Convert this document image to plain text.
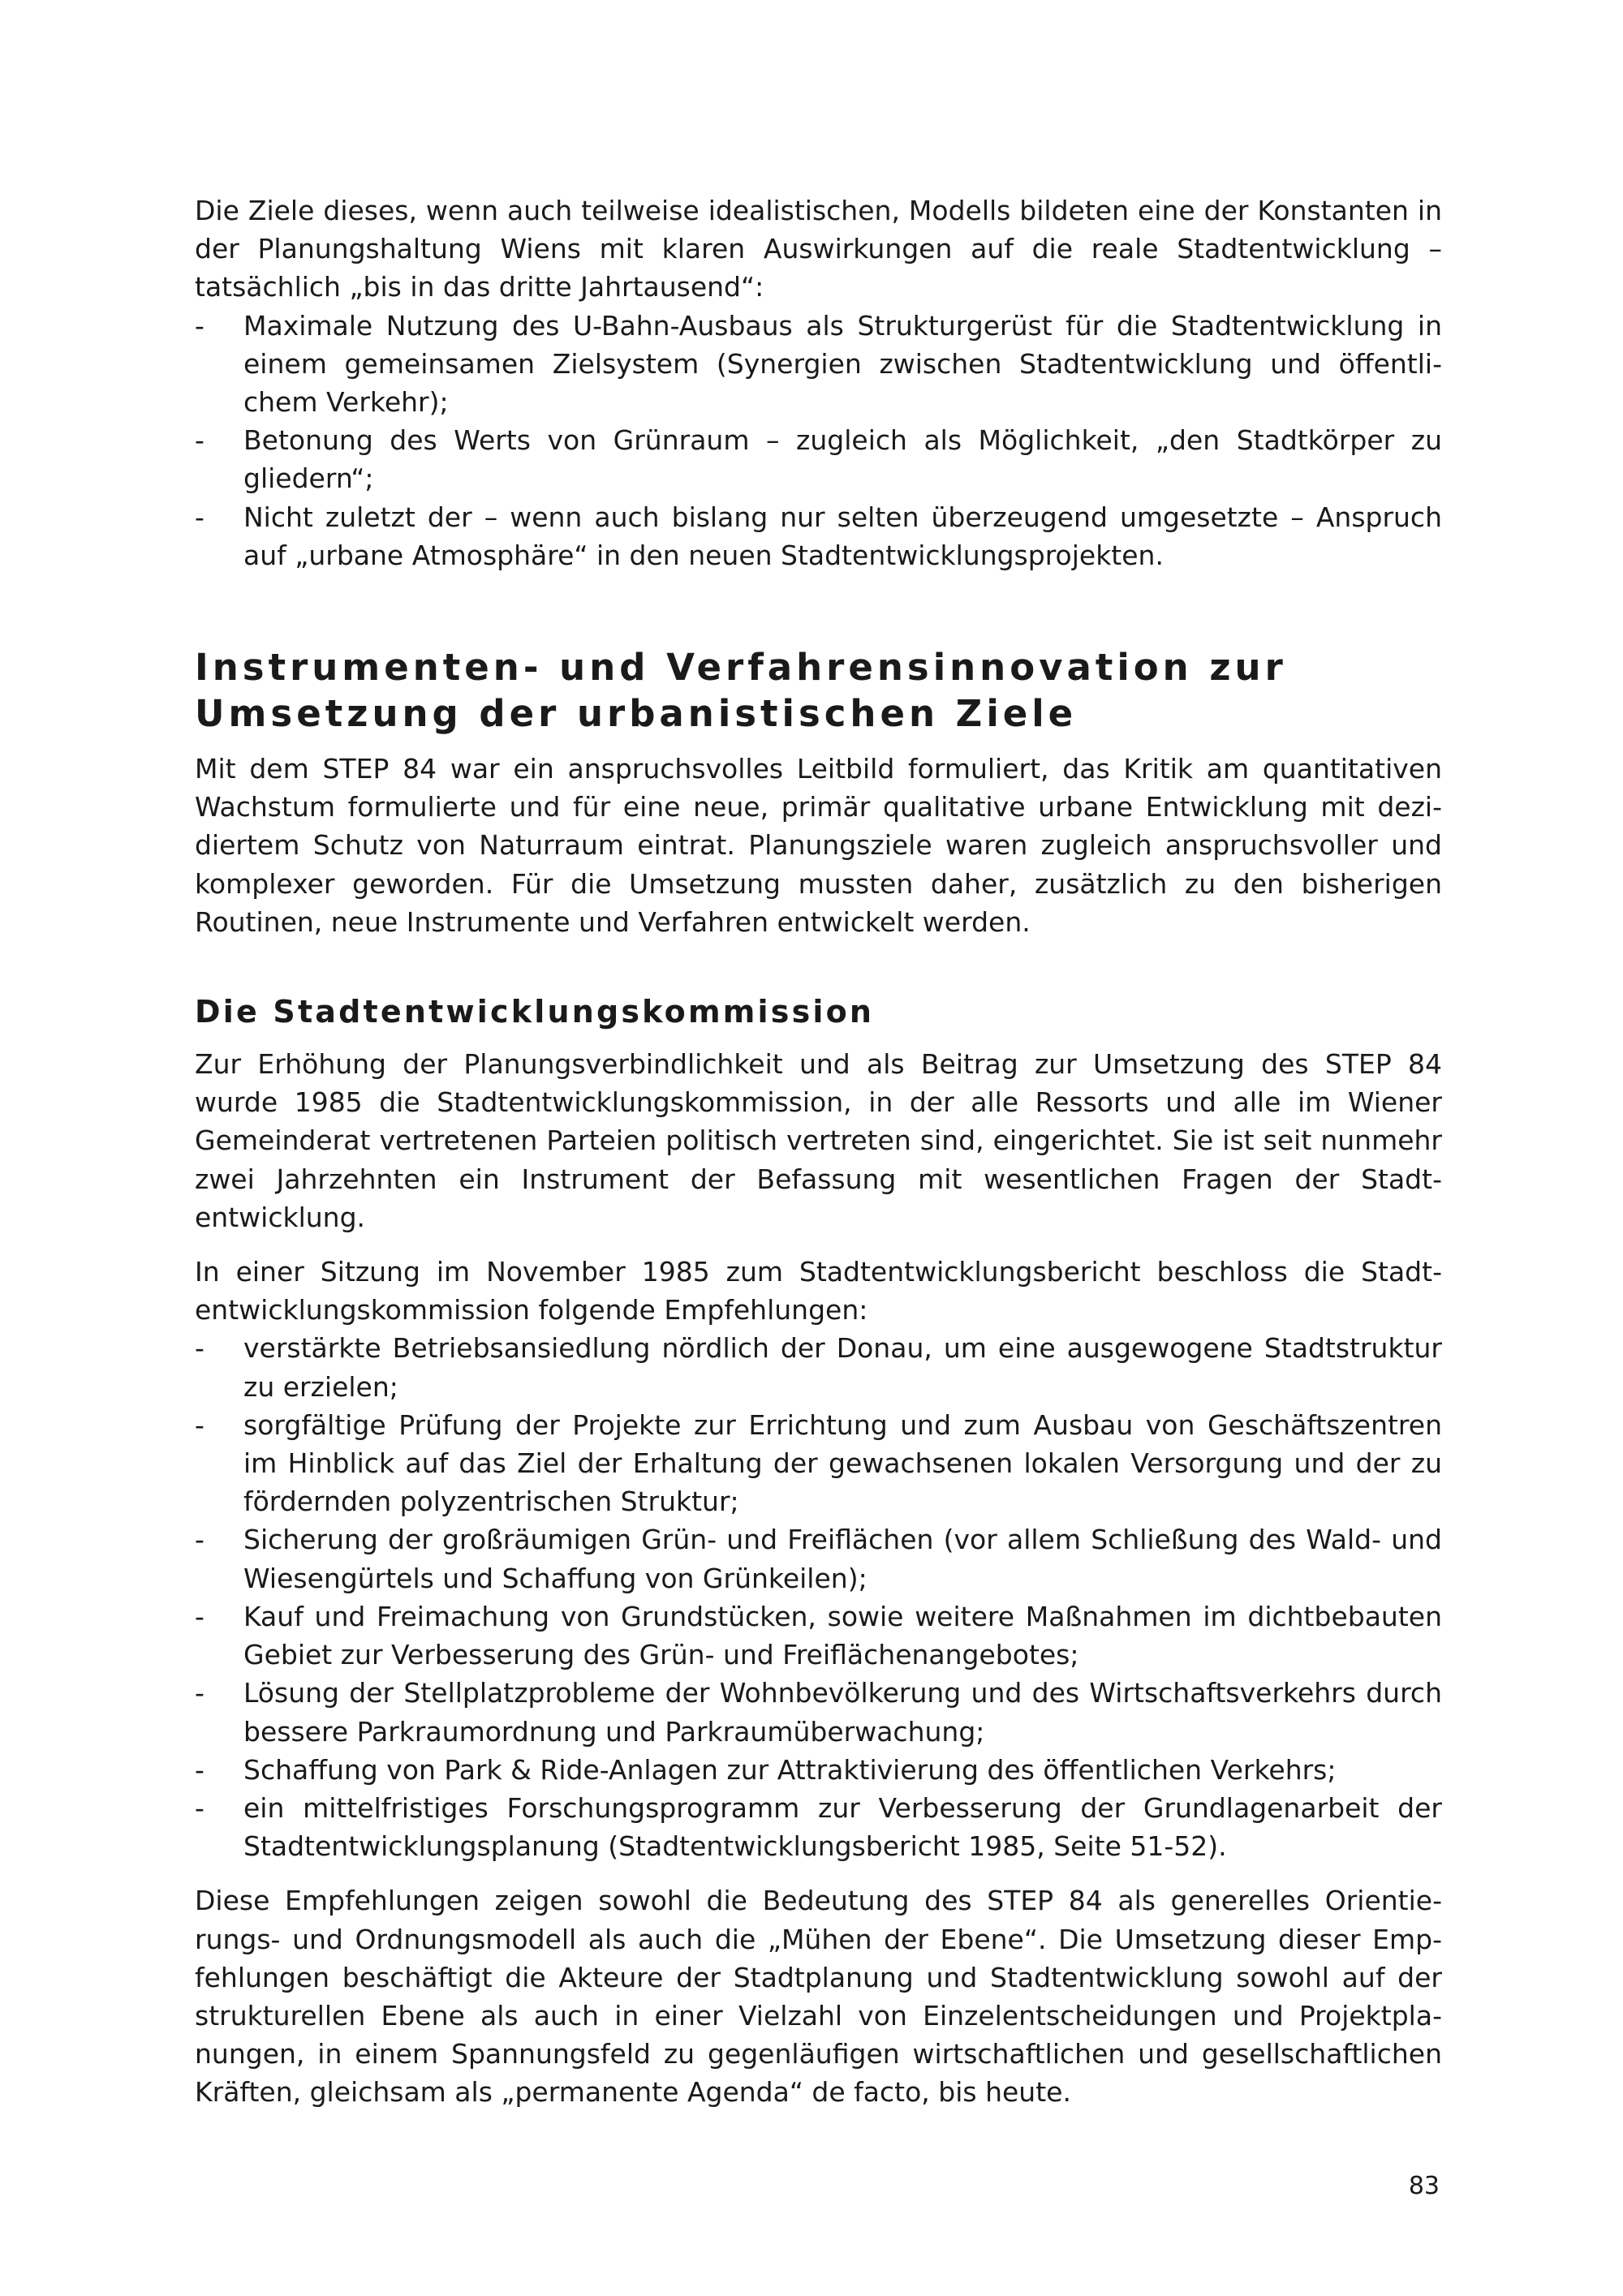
Die Ziele dieses, wenn auch teilweise idealistischen, Modells bildeten eine der Konstanten in der Planungshaltung Wiens mit klaren Auswirkungen auf die reale Stadtentwicklung – tatsächlich „bis in das dritte Jahrtausend“:

- Maximale Nutzung des U-Bahn-Ausbaus als Strukturgerüst für die Stadtentwicklung in einem gemeinsamen Zielsystem (Synergien zwischen Stadtentwicklung und öffentlichem Verkehr);
- Betonung des Werts von Grünraum – zugleich als Möglichkeit, „den Stadtkörper zu gliedern“;
- Nicht zuletzt der – wenn auch bislang nur selten überzeugend umgesetzte – Anspruch auf „urbane Atmosphäre“ in den neuen Stadtentwicklungsprojekten.
Instrumenten- und Verfahrensinnovation zur Umsetzung der urbanistischen Ziele

Mit dem STEP 84 war ein anspruchsvolles Leitbild formuliert, das Kritik am quantitativen Wachstum formulierte und für eine neue, primär qualitative urbane Entwicklung mit dezidiertem Schutz von Naturraum eintrat. Planungsziele waren zugleich anspruchsvoller und komplexer geworden. Für die Umsetzung mussten daher, zusätzlich zu den bisherigen Routinen, neue Instrumente und Verfahren entwickelt werden.

Die Stadtentwicklungskommission

Zur Erhöhung der Planungsverbindlichkeit und als Beitrag zur Umsetzung des STEP 84 wurde 1985 die Stadtentwicklungskommission, in der alle Ressorts und alle im Wiener Gemeinderat vertretenen Parteien politisch vertreten sind, eingerichtet. Sie ist seit nunmehr zwei Jahrzehnten ein Instrument der Befassung mit wesentlichen Fragen der Stadtentwicklung.

In einer Sitzung im November 1985 zum Stadtentwicklungsbericht beschloss die Stadtentwicklungskommission folgende Empfehlungen:

- verstärkte Betriebsansiedlung nördlich der Donau, um eine ausgewogene Stadtstruktur zu erzielen;
- sorgfältige Prüfung der Projekte zur Errichtung und zum Ausbau von Geschäftszentren im Hinblick auf das Ziel der Erhaltung der gewachsenen lokalen Versorgung und der zu fördernden polyzentrischen Struktur;
- Sicherung der großräumigen Grün- und Freiflächen (vor allem Schließung des Wald- und Wiesengürtels und Schaffung von Grünkeilen);
- Kauf und Freimachung von Grundstücken, sowie weitere Maßnahmen im dichtbebauten Gebiet zur Verbesserung des Grün- und Freiflächenangebotes;
- Lösung der Stellplatzprobleme der Wohnbevölkerung und des Wirtschaftsverkehrs durch bessere Parkraumordnung und Parkraumüberwachung;
- Schaffung von Park & Ride-Anlagen zur Attraktivierung des öffentlichen Verkehrs;
- ein mittelfristiges Forschungsprogramm zur Verbesserung der Grundlagenarbeit der Stadtentwicklungsplanung (Stadtentwicklungsbericht 1985, Seite 51-52).

Diese Empfehlungen zeigen sowohl die Bedeutung des STEP 84 als generelles Orientierungs- und Ordnungsmodell als auch die „Mühen der Ebene“. Die Umsetzung dieser Empfehlungen beschäftigt die Akteure der Stadtplanung und Stadtentwicklung sowohl auf der strukturellen Ebene als auch in einer Vielzahl von Einzelentscheidungen und Projektplanungen, in einem Spannungsfeld zu gegenläufigen wirtschaftlichen und gesellschaftlichen Kräften, gleichsam als „permanente Agenda“ de facto, bis heute.

83
